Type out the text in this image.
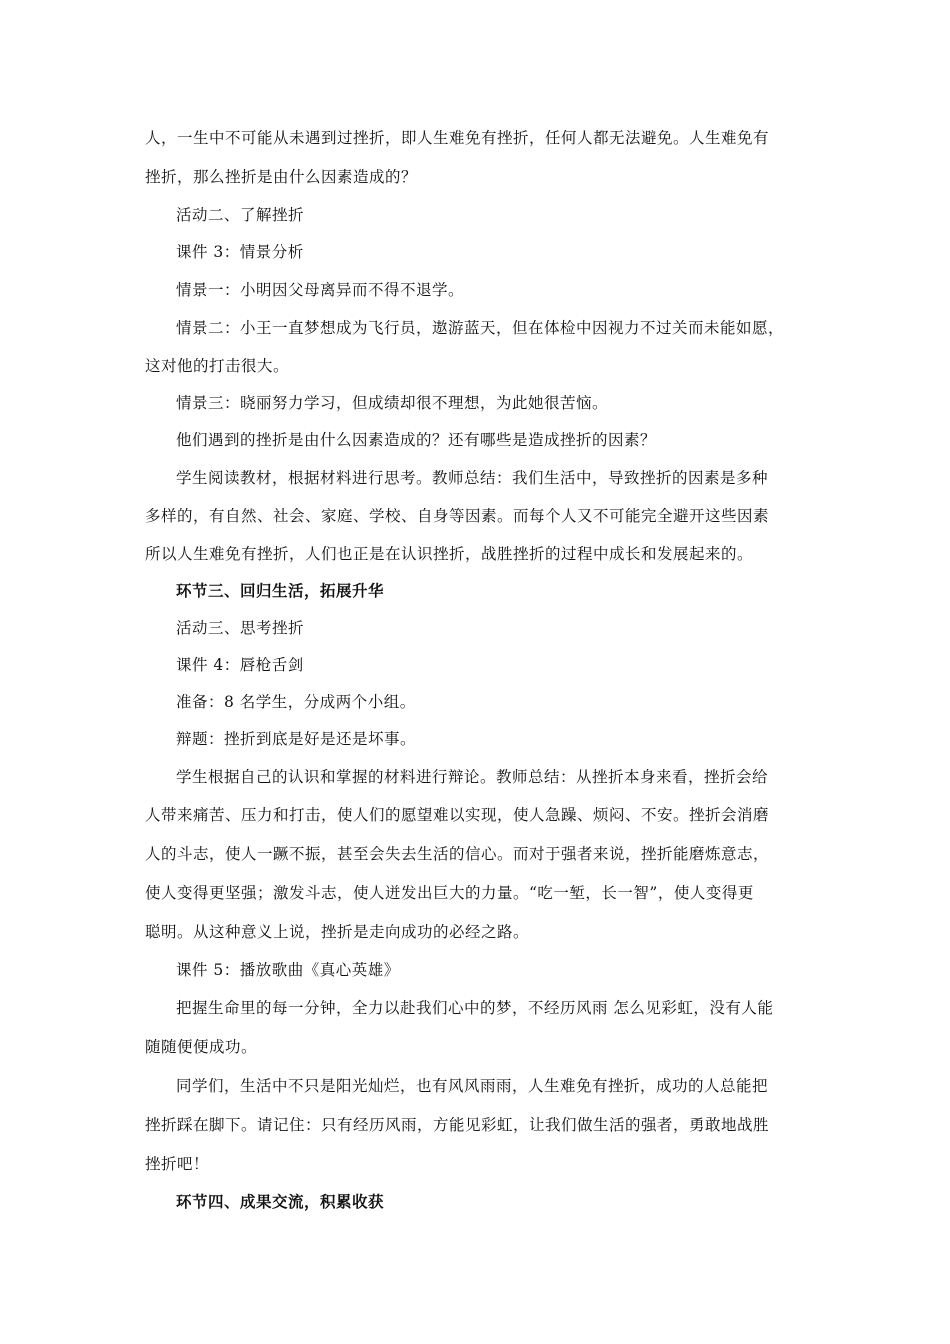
人，一生中不可能从未遇到过挫折，即人生难免有挫折，任何人都无法避免。人生难免有
挫折，那么挫折是由什么因素造成的？
活动二、了解挫折
课件 3：情景分析
情景一：小明因父母离异而不得不退学。
情景二：小王一直梦想成为飞行员，遨游蓝天，但在体检中因视力不过关而未能如愿，
这对他的打击很大。
情景三：晓丽努力学习，但成绩却很不理想，为此她很苦恼。
他们遇到的挫折是由什么因素造成的？还有哪些是造成挫折的因素？
学生阅读教材，根据材料进行思考。教师总结：我们生活中，导致挫折的因素是多种
多样的，有自然、社会、家庭、学校、自身等因素。而每个人又不可能完全避开这些因素
所以人生难免有挫折，人们也正是在认识挫折，战胜挫折的过程中成长和发展起来的。
环节三、回归生活，拓展升华
活动三、思考挫折
课件 4：唇枪舌剑
准备：8 名学生，分成两个小组。
辩题：挫折到底是好是还是坏事。
学生根据自己的认识和掌握的材料进行辩论。教师总结：从挫折本身来看，挫折会给
人带来痛苦、压力和打击，使人们的愿望难以实现，使人急躁、烦闷、不安。挫折会消磨
人的斗志，使人一蹶不振，甚至会失去生活的信心。而对于强者来说，挫折能磨炼意志，
使人变得更坚强；激发斗志，使人迸发出巨大的力量。“吃一堑，长一智”，使人变得更
聪明。从这种意义上说，挫折是走向成功的必经之路。
课件 5：播放歌曲《真心英雄》
把握生命里的每一分钟，全力以赴我们心中的梦，不经历风雨 怎么见彩虹，没有人能
随随便便成功。
同学们，生活中不只是阳光灿烂，也有风风雨雨，人生难免有挫折，成功的人总能把
挫折踩在脚下。请记住：只有经历风雨，方能见彩虹，让我们做生活的强者，勇敢地战胜
挫折吧！
环节四、成果交流，积累收获
